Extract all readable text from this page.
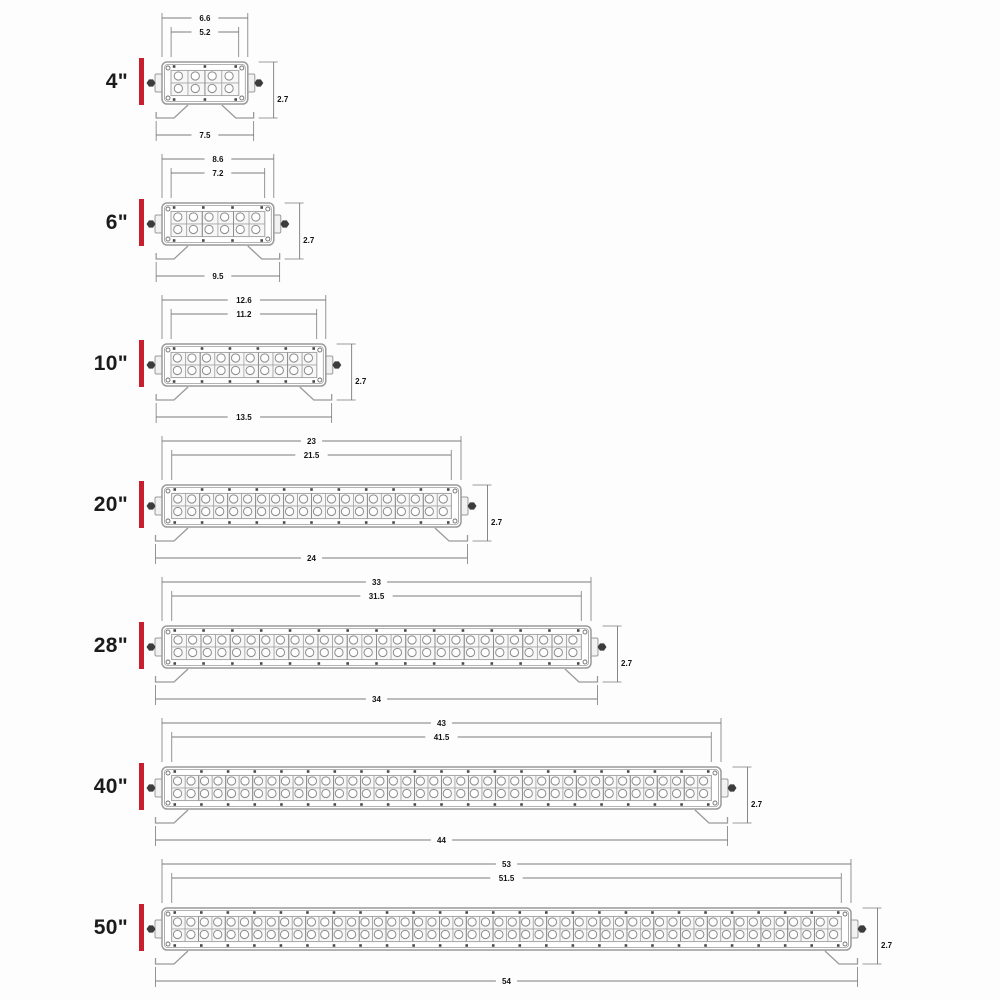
4"
6.6
5.2
2.7
7.5
6"
8.6
7.2
2.7
9.5
10"
12.6
11.2
2.7
13.5
20"
23
21.5
2.7
24
28"
33
31.5
2.7
34
40"
43
41.5
2.7
44
50"
53
51.5
2.7
54
